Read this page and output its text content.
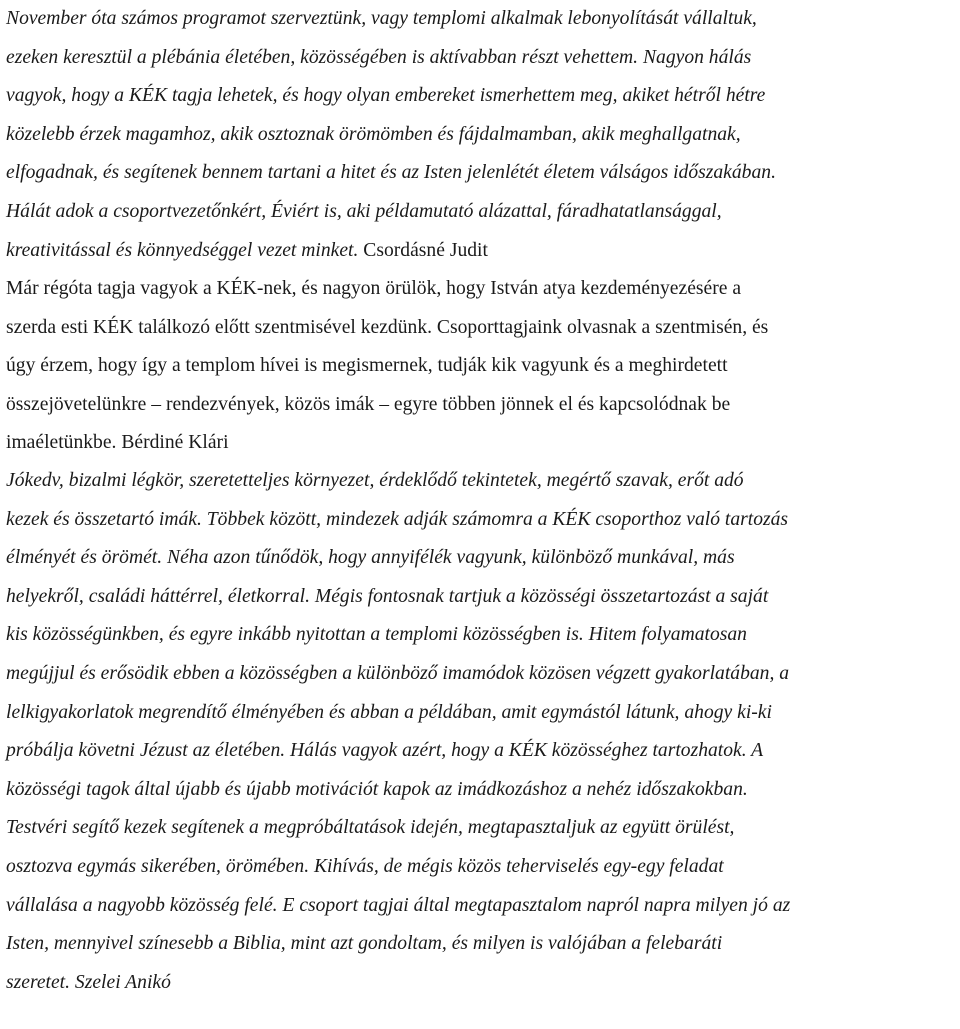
November óta számos programot szerveztünk, vagy templomi alkalmak lebonyolítását vállaltuk,
ezeken keresztül a plébánia életében, közösségében is aktívabban részt vehettem. Nagyon hálás
vagyok, hogy a KÉK tagja lehetek, és hogy olyan embereket ismerhettem meg, akiket hétről hétre
közelebb érzek magamhoz, akik osztoznak örömömben és fájdalmamban, akik meghallgatnak,
elfogadnak, és segítenek bennem tartani a hitet és az Isten jelenlétét életem válságos időszakában.
Hálát adok a csoportvezetőnkért, Éviért is, aki példamutató alázattal, fáradhatatlansággal,
kreativitással és könnyedséggel vezet minket. Csordásné Judit
Már régóta tagja vagyok a KÉK-nek, és nagyon örülök, hogy István atya kezdeményezésére a
szerda esti KÉK találkozó előtt szentmisével kezdünk. Csoporttagjaink olvasnak a szentmisén, és
úgy érzem, hogy így a templom hívei is megismernek, tudják kik vagyunk és a meghirdetett
összejövetelünkre – rendezvények, közös imák – egyre többen jönnek el és kapcsolódnak be
imaéletünkbe. Bérdiné Klári
Jókedv, bizalmi légkör, szeretetteljes környezet, érdeklődő tekintetek, megértő szavak, erőt adó
kezek és összetartó imák. Többek között, mindezek adják számomra a KÉK csoporthoz való tartozás
élményét és örömét. Néha azon tűnődök, hogy annyifélék vagyunk, különböző munkával, más
helyekről, családi háttérrel, életkorral. Mégis fontosnak tartjuk a közösségi összetartozást a saját
kis közösségünkben, és egyre inkább nyitottan a templomi közösségben is. Hitem folyamatosan
megújjul és erősödik ebben a közösségben a különböző imamódok közösen végzett gyakorlatában, a
lelkigyakorlatok megrendítő élményében és abban a példában, amit egymástól látunk, ahogy ki-ki
próbálja követni Jézust az életében. Hálás vagyok azért, hogy a KÉK közösséghez tartozhatok. A
közösségi tagok által újabb és újabb motivációt kapok az imádkozáshoz a nehéz időszakokban.
Testvéri segítő kezek segítenek a megpróbáltatások idején, megtapasztaljuk az együtt örülést,
osztozva egymás sikerében, örömében. Kihívás, de mégis közös teherviselés egy-egy feladat
vállalása a nagyobb közösség felé. E csoport tagjai által megtapasztalom napról napra milyen jó az
Isten, mennyivel színesebb a Biblia, mint azt gondoltam, és milyen is valójában a felebaráti
szeretet. Szelei Anikó
